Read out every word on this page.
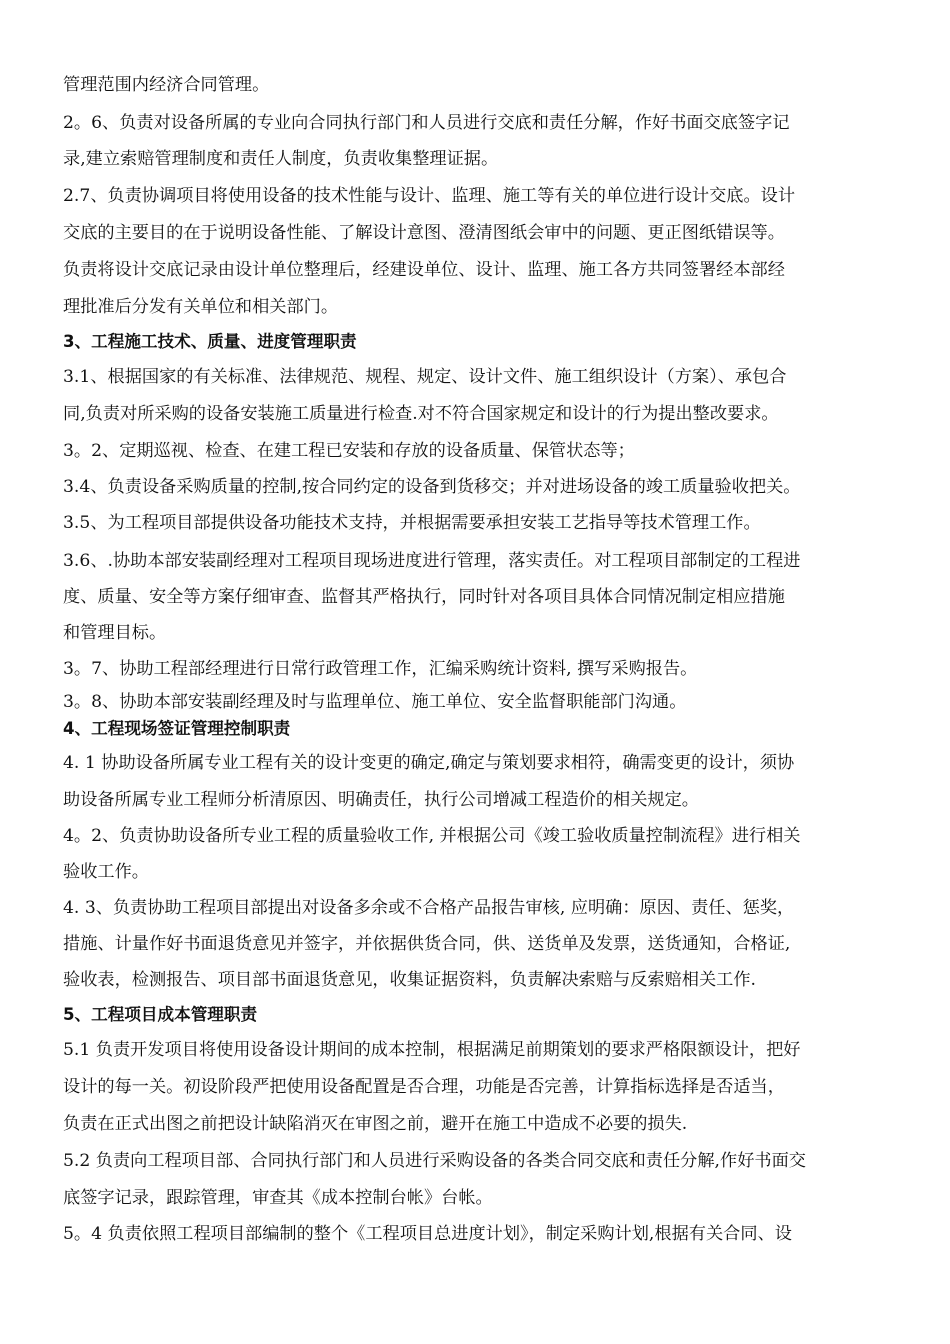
管理范围内经济合同管理。
2。6、负责对设备所属的专业向合同执行部门和人员进行交底和责任分解，作好书面交底签字记
录,建立索赔管理制度和责任人制度，负责收集整理证据。
2.7、负责协调项目将使用设备的技术性能与设计、监理、施工等有关的单位进行设计交底。设计
交底的主要目的在于说明设备性能、了解设计意图、澄清图纸会审中的问题、更正图纸错误等。
负责将设计交底记录由设计单位整理后，经建设单位、设计、监理、施工各方共同签署经本部经
理批准后分发有关单位和相关部门。
3、工程施工技术、质量、进度管理职责
3.1、根据国家的有关标准、法律规范、规程、规定、设计文件、施工组织设计（方案）、承包合
同,负责对所采购的设备安装施工质量进行检查.对不符合国家规定和设计的行为提出整改要求。
3。2、定期巡视、检查、在建工程已安装和存放的设备质量、保管状态等；
3.4、负责设备采购质量的控制,按合同约定的设备到货移交；并对进场设备的竣工质量验收把关。
3.5、为工程项目部提供设备功能技术支持，并根据需要承担安装工艺指导等技术管理工作。
3.6、.协助本部安装副经理对工程项目现场进度进行管理，落实责任。对工程项目部制定的工程进
度、质量、安全等方案仔细审查、监督其严格执行，同时针对各项目具体合同情况制定相应措施
和管理目标。
3。7、协助工程部经理进行日常行政管理工作，汇编采购统计资料, 撰写采购报告。
3。8、协助本部安装副经理及时与监理单位、施工单位、安全监督职能部门沟通。
4、工程现场签证管理控制职责
4. 1 协助设备所属专业工程有关的设计变更的确定,确定与策划要求相符，确需变更的设计，须协
助设备所属专业工程师分析清原因、明确责任，执行公司增减工程造价的相关规定。
4。2、负责协助设备所专业工程的质量验收工作, 并根据公司《竣工验收质量控制流程》进行相关
验收工作。
4. 3、负责协助工程项目部提出对设备多余或不合格产品报告审核, 应明确：原因、责任、惩奖，
措施、计量作好书面退货意见并签字，并依据供货合同，供、送货单及发票，送货通知，合格证,
验收表，检测报告、项目部书面退货意见，收集证据资料，负责解决索赔与反索赔相关工作.
5、工程项目成本管理职责
5.1 负责开发项目将使用设备设计期间的成本控制，根据满足前期策划的要求严格限额设计，把好
设计的每一关。初设阶段严把使用设备配置是否合理，功能是否完善，计算指标选择是否适当，
负责在正式出图之前把设计缺陷消灭在审图之前，避开在施工中造成不必要的损失.
5.2 负责向工程项目部、合同执行部门和人员进行采购设备的各类合同交底和责任分解,作好书面交
底签字记录，跟踪管理，审查其《成本控制台帐》台帐。
5。4 负责依照工程项目部编制的整个《工程项目总进度计划》，制定采购计划,根据有关合同、设
